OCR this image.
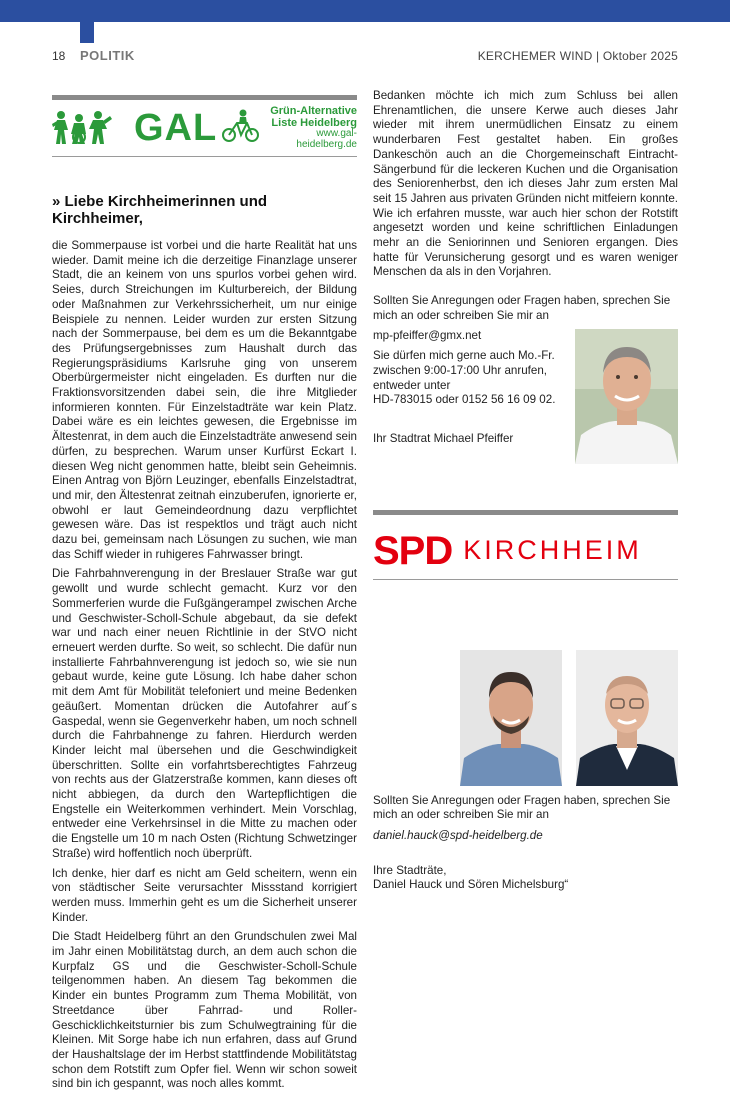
18 POLITIK	KERCHEMER WIND | Oktober 2025
GAL	Grün-Alternative
Liste Heidelberg
www.gal-heidelberg.de
» Liebe Kirchheimerinnen und Kirchheimer,

die Sommerpause ist vorbei und die harte Realität hat uns wieder. Damit meine ich die derzeitige Finanzlage unserer Stadt, die an keinem von uns spurlos vorbei gehen wird. Seies, durch Streichungen im Kulturbereich, der Bildung oder Maßnahmen zur Verkehrssicherheit, um nur einige Beispiele zu nennen. Leider wurden zur ersten Sitzung nach der Sommerpause, bei dem es um die Bekanntgabe des Prüfungsergebnisses zum Haushalt durch das Regierungspräsidiums Karlsruhe ging von unserem Oberbürgermeister nicht eingeladen. Es durften nur die Fraktionsvorsitzenden dabei sein, die ihre Mitglieder informieren konnten. Für Einzelstadträte war kein Platz. Dabei wäre es ein leichtes gewesen, die Ergebnisse im Ältestenrat, in dem auch die Einzelstadträte anwesend sein dürfen, zu besprechen. Warum unser Kurfürst Eckart I. diesen Weg nicht genommen hatte, bleibt sein Geheimnis. Einen Antrag von Björn Leuzinger, ebenfalls Einzelstadtrat, und mir, den Ältestenrat zeitnah einzuberufen, ignorierte er, obwohl er laut Gemeindeordnung dazu verpflichtet gewesen wäre. Das ist respektlos und trägt auch nicht dazu bei, gemeinsam nach Lösungen zu suchen, wie man das Schiff wieder in ruhigeres Fahrwasser bringt.

Die Fahrbahnverengung in der Breslauer Straße war gut gewollt und wurde schlecht gemacht. Kurz vor den Sommerferien wurde die Fußgängerampel zwischen Arche und Geschwister-Scholl-Schule abgebaut, da sie defekt war und nach einer neuen Richtlinie in der StVO nicht erneuert werden durfte. So weit, so schlecht. Die dafür nun installierte Fahrbahnverengung ist jedoch so, wie sie nun gebaut wurde, keine gute Lösung. Ich habe daher schon mit dem Amt für Mobilität telefoniert und meine Bedenken geäußert. Momentan drücken die Autofahrer auf´s Gaspedal, wenn sie Gegenverkehr haben, um noch schnell durch die Fahrbahnenge zu fahren. Hierdurch werden Kinder leicht mal übersehen und die Geschwindigkeit überschritten. Sollte ein vorfahrtsberechtigtes Fahrzeug von rechts aus der Glatzerstraße kommen, kann dieses oft nicht abbiegen, da durch den Wartepflichtigen die Engstelle ein Weiterkommen verhindert. Mein Vorschlag, entweder eine Verkehrsinsel in die Mitte zu machen oder die Engstelle um 10 m nach Osten (Richtung Schwetzinger Straße) wird hoffentlich noch überprüft.

Ich denke, hier darf es nicht am Geld scheitern, wenn ein von städtischer Seite verursachter Missstand korrigiert werden muss. Immerhin geht es um die Sicherheit unserer Kinder.

Die Stadt Heidelberg führt an den Grundschulen zwei Mal im Jahr einen Mobilitätstag durch, an dem auch schon die Kurpfalz GS und die Geschwister-Scholl-Schule teilgenommen haben. An diesem Tag bekommen die Kinder ein buntes Programm zum Thema Mobilität, von Streetdance über Fahrrad- und Roller-Geschicklichkeitsturnier bis zum Schulwegtraining für die Kleinen. Mit Sorge habe ich nun erfahren, dass auf Grund der Haushaltslage der im Herbst stattfindende Mobilitätstag schon dem Rotstift zum Opfer fiel. Wenn wir schon soweit sind bin ich gespannt, was noch alles kommt.

Bedanken möchte ich mich zum Schluss bei allen Ehrenamtlichen, die unsere Kerwe auch dieses Jahr wieder mit ihrem unermüdlichen Einsatz zu einem wunderbaren Fest gestaltet haben. Ein großes Dankeschön auch an die Chorgemeinschaft Eintracht-Sängerbund für die leckeren Kuchen und die Organisation des Seniorenherbst, den ich dieses Jahr zum ersten Mal seit 15 Jahren aus privaten Gründen nicht mitfeiern konnte. Wie ich erfahren musste, war auch hier schon der Rotstift angesetzt worden und keine schriftlichen Einladungen mehr an die Seniorinnen und Senioren ergangen. Dies hatte für Verunsicherung gesorgt und es waren weniger Menschen da als in den Vorjahren.

Sollten Sie Anregungen oder Fragen haben, sprechen Sie mich an oder schreiben Sie mir an
mp-pfeiffer@gmx.net
Sie dürfen mich gerne auch Mo.-Fr.
zwischen 9:00-17:00 Uhr anrufen,
entweder unter
HD-783015 oder 0152 56 16 09 02.
Ihr Stadtrat Michael Pfeiffer
SPD KIRCHHEIM
Sollten Sie Anregungen oder Fragen haben, sprechen Sie mich an oder schreiben Sie mir an
daniel.hauck@spd-heidelberg.de
Ihre Stadträte,
Daniel Hauck und Sören Michelsburg“
